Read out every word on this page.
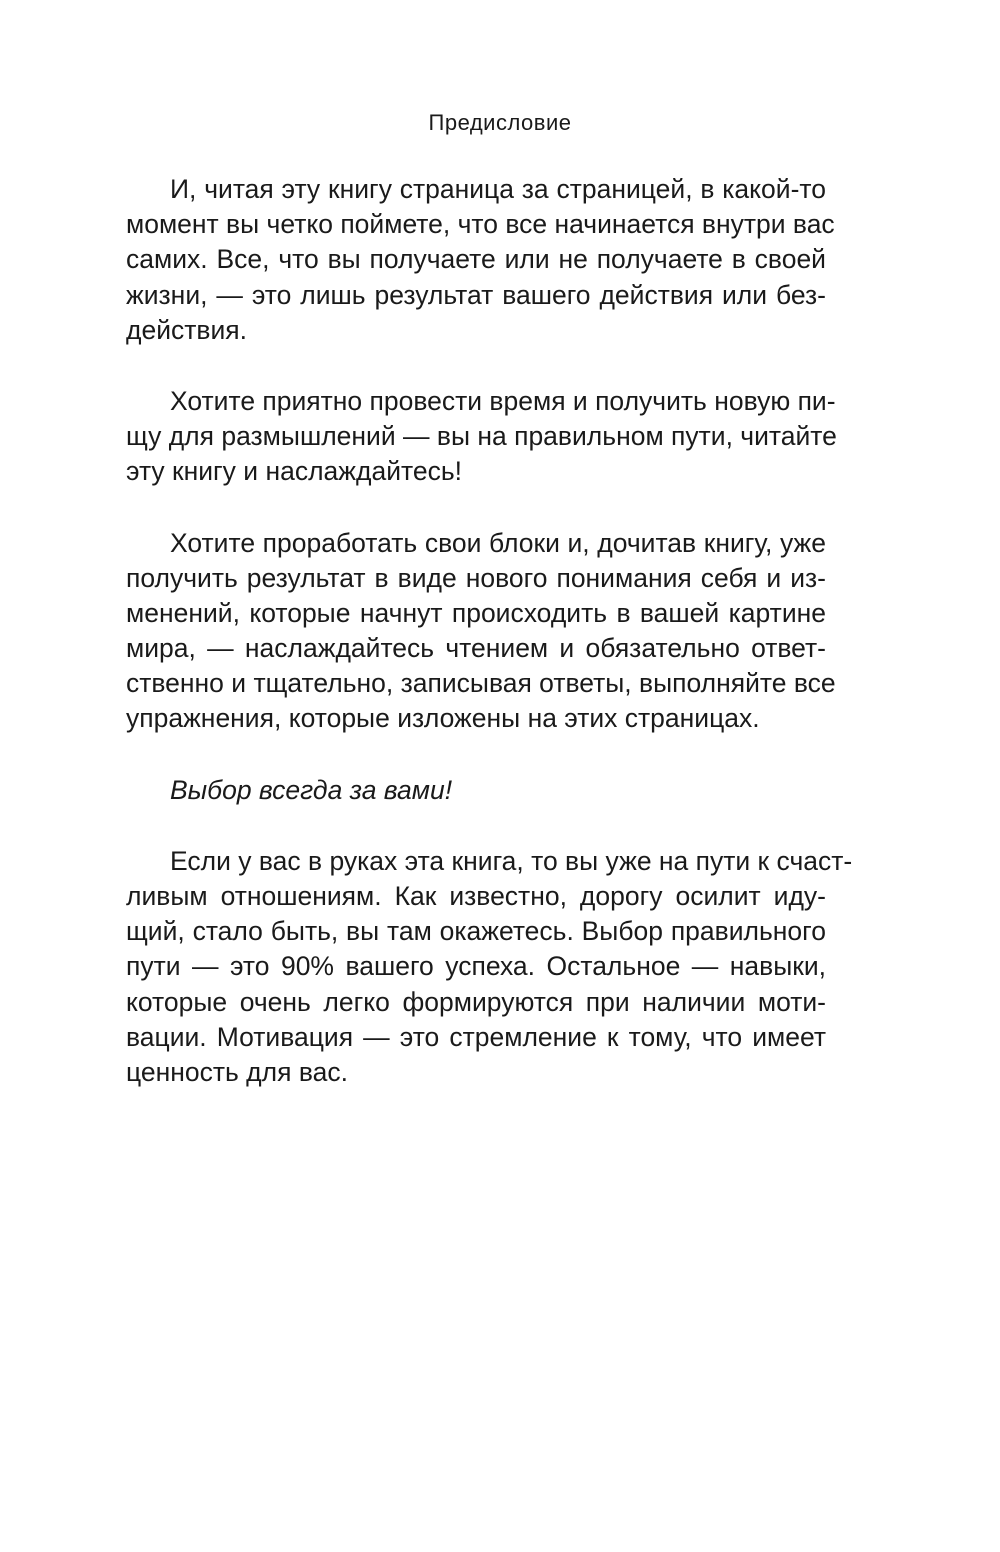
Предисловие
И, читая эту книгу страница за страницей, в какой-то
момент вы четко поймете, что все начинается внутри вас
самих. Все, что вы получаете или не получаете в своей
жизни, — это лишь результат вашего действия или без-
действия.
Хотите приятно провести время и получить новую пи-
щу для размышлений — вы на правильном пути, читайте
эту книгу и наслаждайтесь!
Хотите проработать свои блоки и, дочитав книгу, уже
получить результат в виде нового понимания себя и из-
менений, которые начнут происходить в вашей картине
мира, — наслаждайтесь чтением и обязательно ответ-
ственно и тщательно, записывая ответы, выполняйте все
упражнения, которые изложены на этих страницах.
Выбор всегда за вами!
Если у вас в руках эта книга, то вы уже на пути к счаст-
ливым отношениям. Как известно, дорогу осилит иду-
щий, стало быть, вы там окажетесь. Выбор правильного
пути — это 90% вашего успеха. Остальное — навыки,
которые очень легко формируются при наличии моти-
вации. Мотивация — это стремление к тому, что имеет
ценность для вас.
